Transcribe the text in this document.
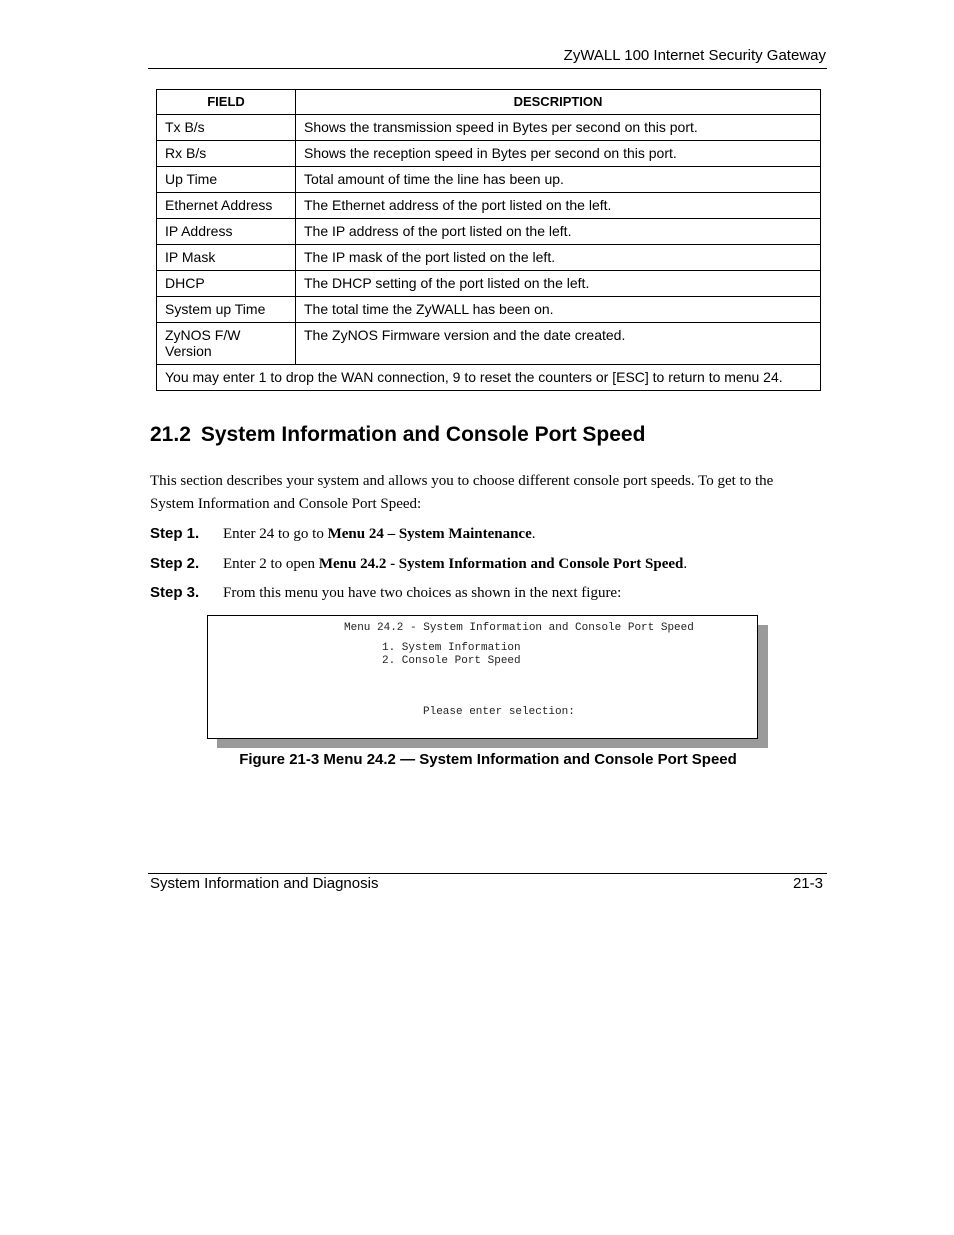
ZyWALL 100 Internet Security Gateway
FIELD	DESCRIPTION
Tx B/s	Shows the transmission speed in Bytes per second on this port.
Rx B/s	Shows the reception speed in Bytes per second on this port.
Up Time	Total amount of time the line has been up.
Ethernet Address	The Ethernet address of the port listed on the left.
IP Address	The IP address of the port listed on the left.
IP Mask	The IP mask of the port listed on the left.
DHCP	The DHCP setting of the port listed on the left.
System up Time	The total time the ZyWALL has been on.
ZyNOS F/W Version	The ZyNOS Firmware version and the date created.
You may enter 1 to drop the WAN connection, 9 to reset the counters or [ESC] to return to menu 24.	
21.2 System Information and Console Port Speed

This section describes your system and allows you to choose different console port speeds. To get to the System Information and Console Port Speed:

Step 1. Enter 24 to go to Menu 24 – System Maintenance.
Step 2. Enter 2 to open Menu 24.2 - System Information and Console Port Speed.
Step 3. From this menu you have two choices as shown in the next figure:
Menu 24.2 - System Information and Console Port Speed
1. System Information
2. Console Port Speed
Please enter selection:
Figure 21-3 Menu 24.2 — System Information and Console Port Speed
System Information and Diagnosis	21-3
